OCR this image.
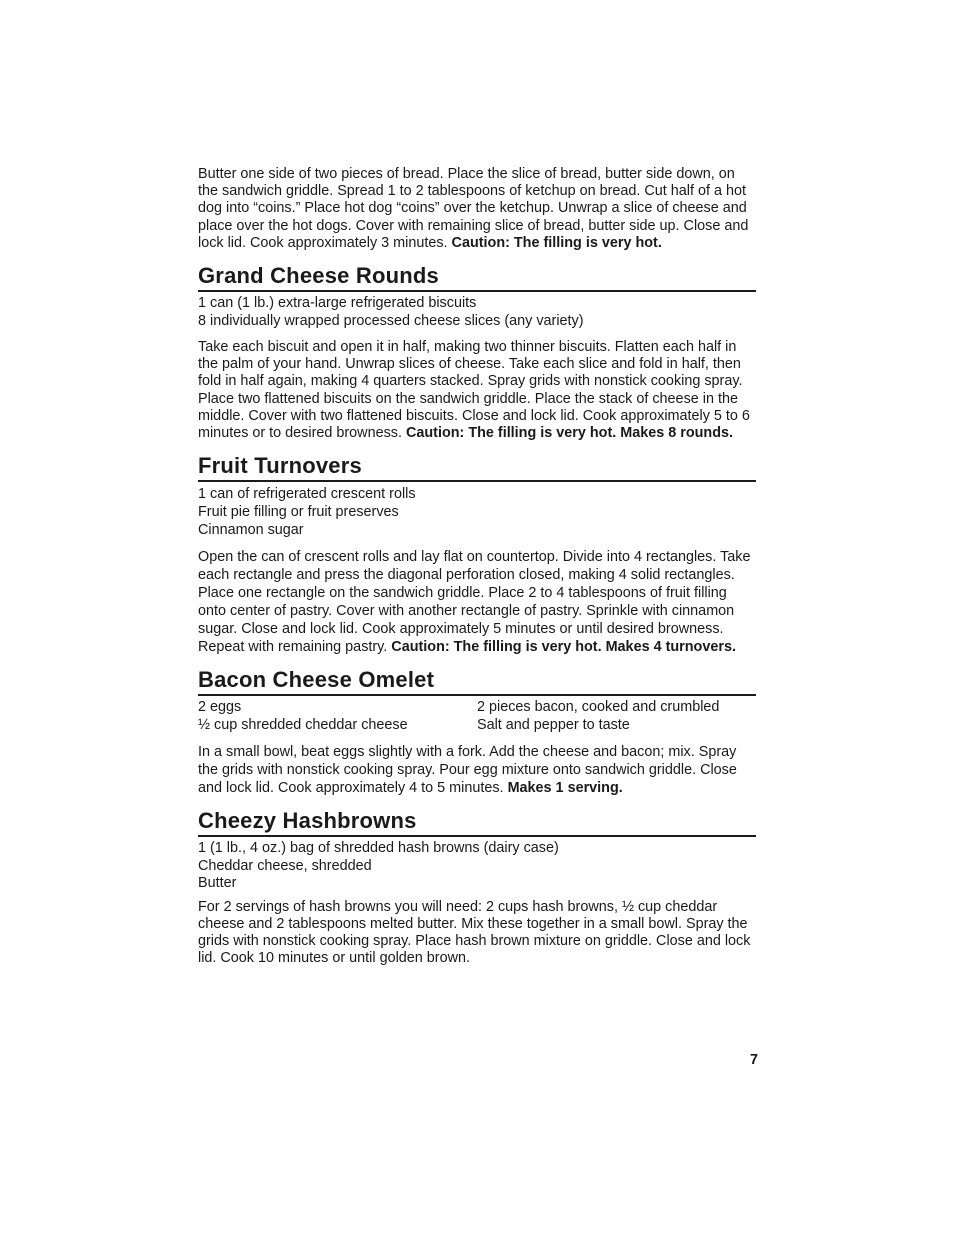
Butter one side of two pieces of bread. Place the slice of bread, butter side down, on the sandwich griddle. Spread 1 to 2 tablespoons of ketchup on bread. Cut half of a hot dog into “coins.” Place hot dog “coins” over the ketchup. Unwrap a slice of cheese and place over the hot dogs. Cover with remaining slice of bread, butter side up. Close and lock lid. Cook approximately 3 minutes. Caution: The filling is very hot.

Grand Cheese Rounds
1 can (1 lb.) extra-large refrigerated biscuits
8 individually wrapped processed cheese slices (any variety)

Take each biscuit and open it in half, making two thinner biscuits. Flatten each half in the palm of your hand. Unwrap slices of cheese. Take each slice and fold in half, then fold in half again, making 4 quarters stacked. Spray grids with nonstick cooking spray. Place two flattened biscuits on the sandwich griddle. Place the stack of cheese in the middle. Cover with two flattened biscuits. Close and lock lid. Cook approximately 5 to 6 minutes or to desired browness. Caution: The filling is very hot. Makes 8 rounds.

Fruit Turnovers
1 can of refrigerated crescent rolls
Fruit pie filling or fruit preserves
Cinnamon sugar

Open the can of crescent rolls and lay flat on countertop. Divide into 4 rectangles. Take each rectangle and press the diagonal perforation closed, making 4 solid rectangles. Place one rectangle on the sandwich griddle. Place 2 to 4 tablespoons of fruit filling onto center of pastry. Cover with another rectangle of pastry. Sprinkle with cinnamon sugar. Close and lock lid. Cook approximately 5 minutes or until desired browness. Repeat with remaining pastry. Caution: The filling is very hot. Makes 4 turnovers.

Bacon Cheese Omelet
2 eggs
½ cup shredded cheddar cheese
2 pieces bacon, cooked and crumbled
Salt and pepper to taste

In a small bowl, beat eggs slightly with a fork. Add the cheese and bacon; mix. Spray the grids with nonstick cooking spray. Pour egg mixture onto sandwich griddle. Close and lock lid. Cook approximately 4 to 5 minutes. Makes 1 serving.

Cheezy Hashbrowns
1 (1 lb., 4 oz.) bag of shredded hash browns (dairy case)
Cheddar cheese, shredded
Butter

For 2 servings of hash browns you will need: 2 cups hash browns, ½ cup cheddar cheese and 2 tablespoons melted butter. Mix these together in a small bowl. Spray the grids with nonstick cooking spray. Place hash brown mixture on griddle. Close and lock lid. Cook 10 minutes or until golden brown.

7
